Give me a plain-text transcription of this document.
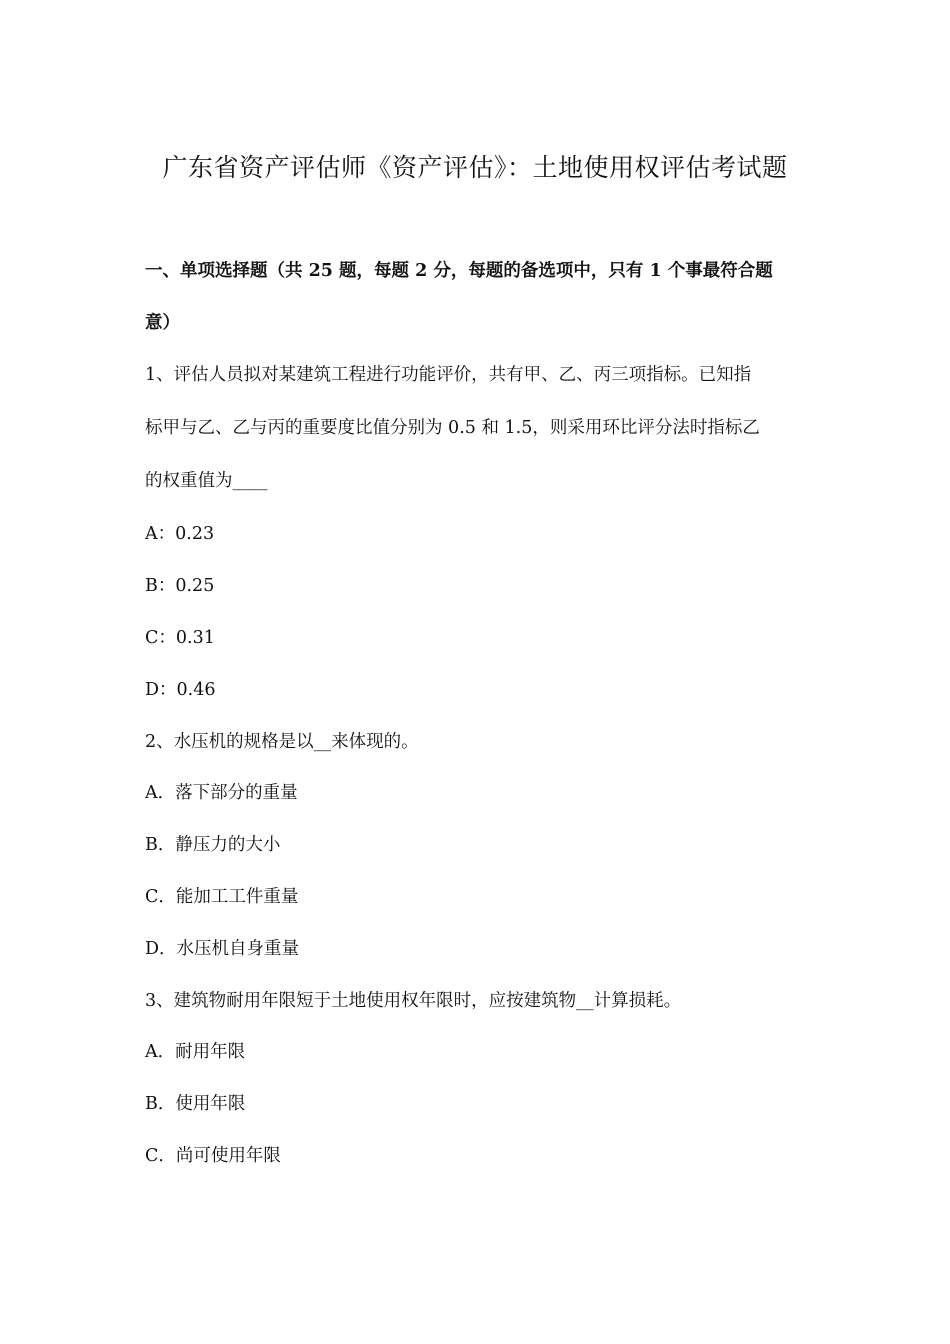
广东省资产评估师《资产评估》：土地使用权评估考试题
一、单项选择题（共 25 题，每题 2 分，每题的备选项中，只有 1 个事最符合题
意）
1、评估人员拟对某建筑工程进行功能评价，共有甲、乙、丙三项指标。已知指
标甲与乙、乙与丙的重要度比值分别为 0.5 和 1.5，则采用环比评分法时指标乙
的权重值为____
A：0.23
B：0.25
C：0.31
D：0.46
2、水压机的规格是以__来体现的。
A．落下部分的重量
B．静压力的大小
C．能加工工件重量
D．水压机自身重量
3、建筑物耐用年限短于土地使用权年限时，应按建筑物__计算损耗。
A．耐用年限
B．使用年限
C．尚可使用年限
